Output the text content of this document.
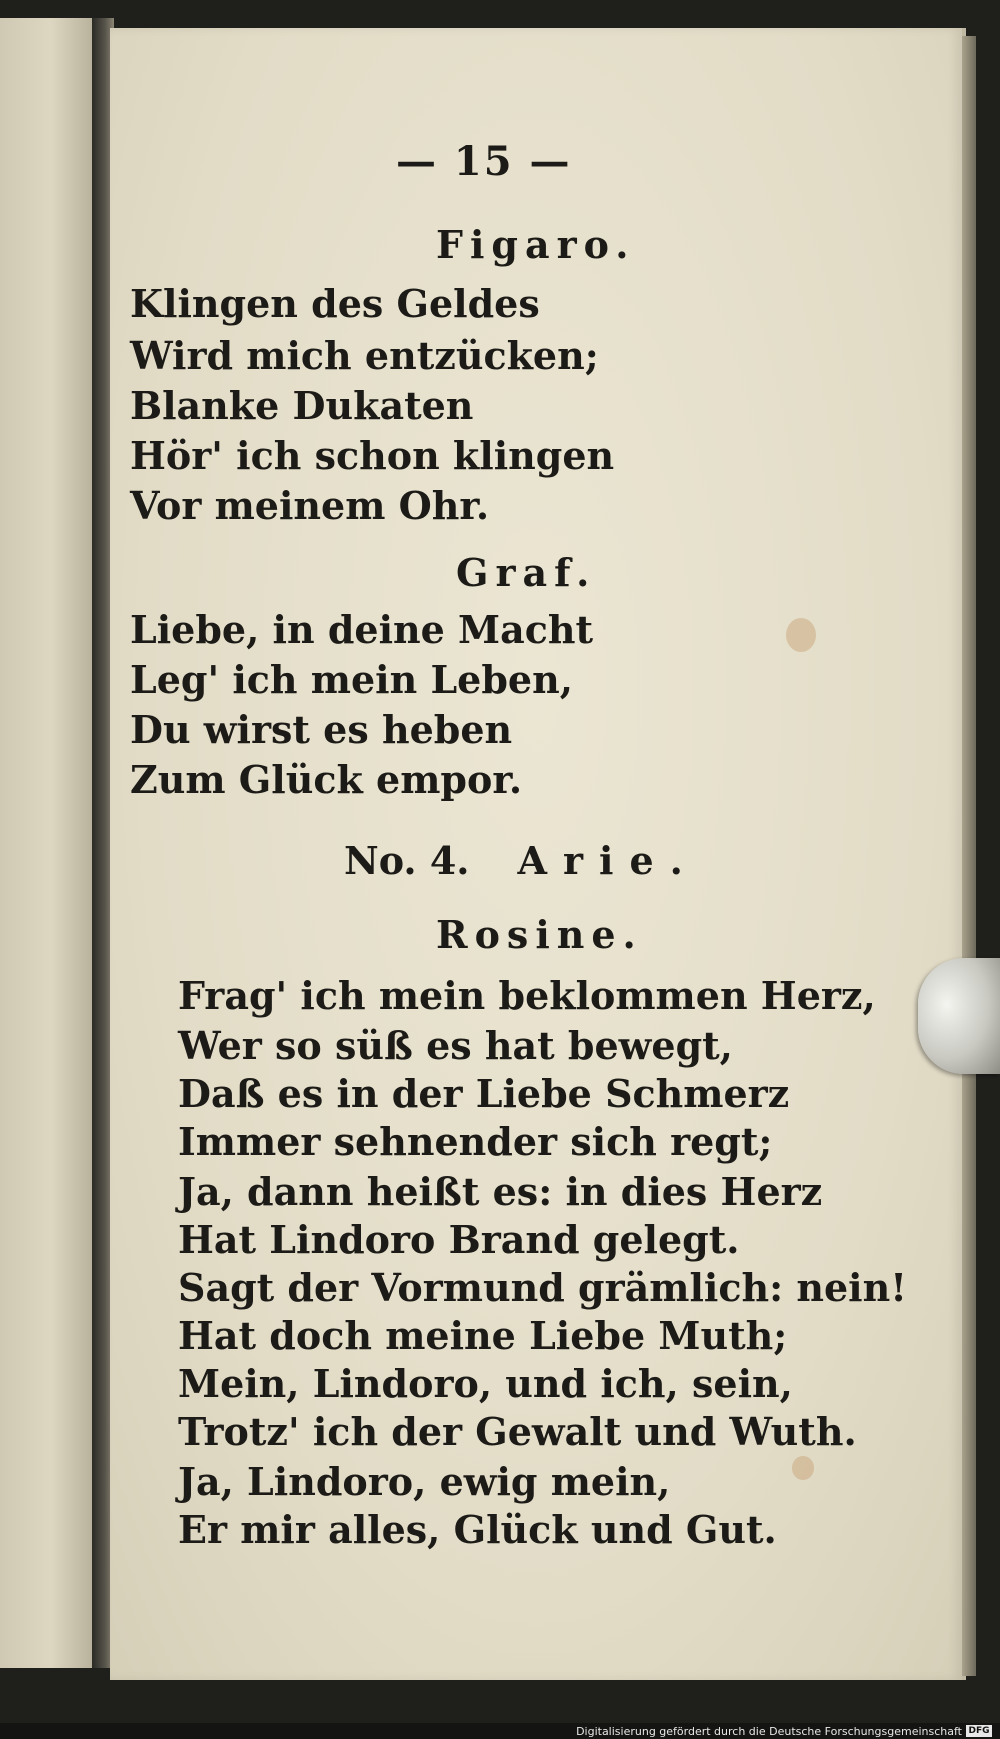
— 15 —
Figaro.
Klingen des Geldes
Wird mich entzücken;
Blanke Dukaten
Hör' ich schon klingen
Vor meinem Ohr.
Graf.
Liebe, in deine Macht
Leg' ich mein Leben,
Du wirst es heben
Zum Glück empor.
No. 4. Arie.
Rosine.
Frag' ich mein beklommen Herz,
Wer so süß es hat bewegt,
Daß es in der Liebe Schmerz
Immer sehnender sich regt;
Ja, dann heißt es: in dies Herz
Hat Lindoro Brand gelegt.
Sagt der Vormund grämlich: nein!
Hat doch meine Liebe Muth;
Mein, Lindoro, und ich, sein,
Trotz' ich der Gewalt und Wuth.
Ja, Lindoro, ewig mein,
Er mir alles, Glück und Gut.
Digitalisierung gefördert durch die Deutsche Forschungsgemeinschaft DFG
